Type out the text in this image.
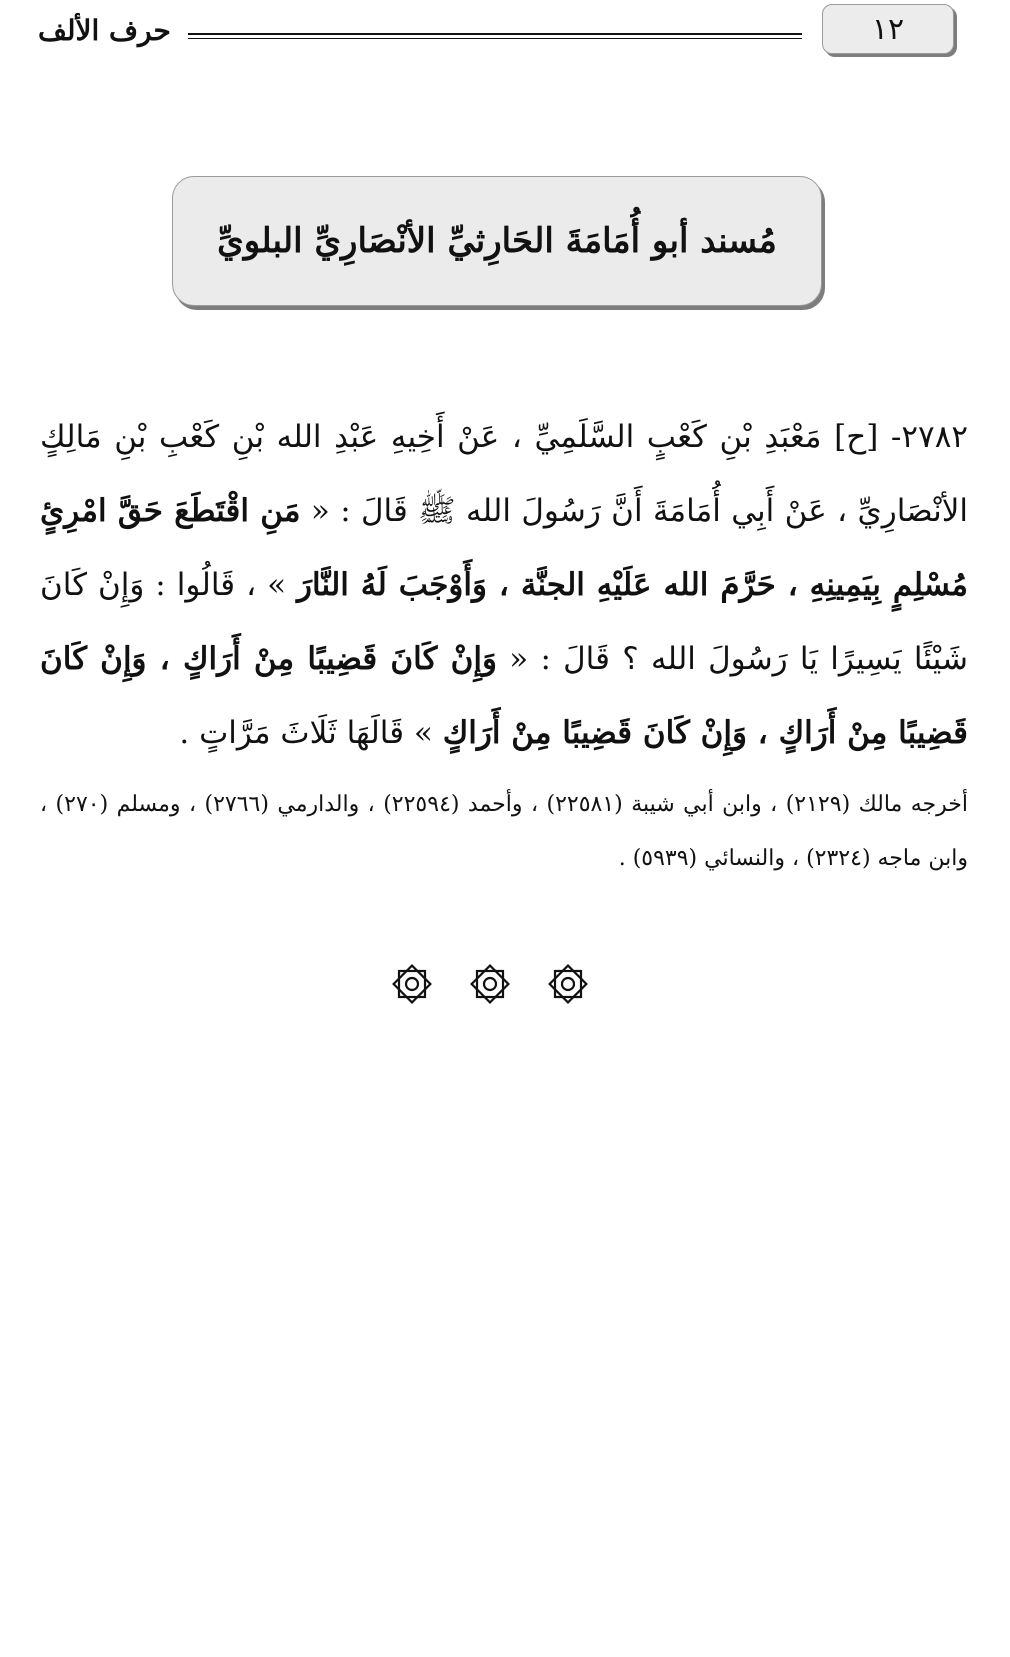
١٢
حرف الألف
مُسند أبو أُمَامَةَ الحَارِثيِّ الأنْصَارِيِّ البلويِّ
٢٧٨٢- [ح] مَعْبَدِ بْنِ كَعْبٍ السَّلَمِيِّ ، عَنْ أَخِيهِ عَبْدِ الله بْنِ كَعْبِ بْنِ مَالِكٍ الأنْصَارِيِّ ، عَنْ أَبِي أُمَامَةَ أَنَّ رَسُولَ الله ﷺ قَالَ : « مَنِ اقْتَطَعَ حَقَّ امْرِئٍ مُسْلِمٍ بِيَمِينِهِ ، حَرَّمَ الله عَلَيْهِ الجنَّة ، وَأَوْجَبَ لَهُ النَّارَ » ، قَالُوا : وَإِنْ كَانَ شَيْئًا يَسِيرًا يَا رَسُولَ الله ؟ قَالَ : « وَإِنْ كَانَ قَضِيبًا مِنْ أَرَاكٍ ، وَإِنْ كَانَ قَضِيبًا مِنْ أَرَاكٍ ، وَإِنْ كَانَ قَضِيبًا مِنْ أَرَاكٍ » قَالَهَا ثَلَاثَ مَرَّاتٍ .
أخرجه مالك (٢١٢٩) ، وابن أبي شيبة (٢٢٥٨١) ، وأحمد (٢٢٥٩٤) ، والدارمي (٢٧٦٦) ، ومسلم (٢٧٠) ، وابن ماجه (٢٣٢٤) ، والنسائي (٥٩٣٩) .
